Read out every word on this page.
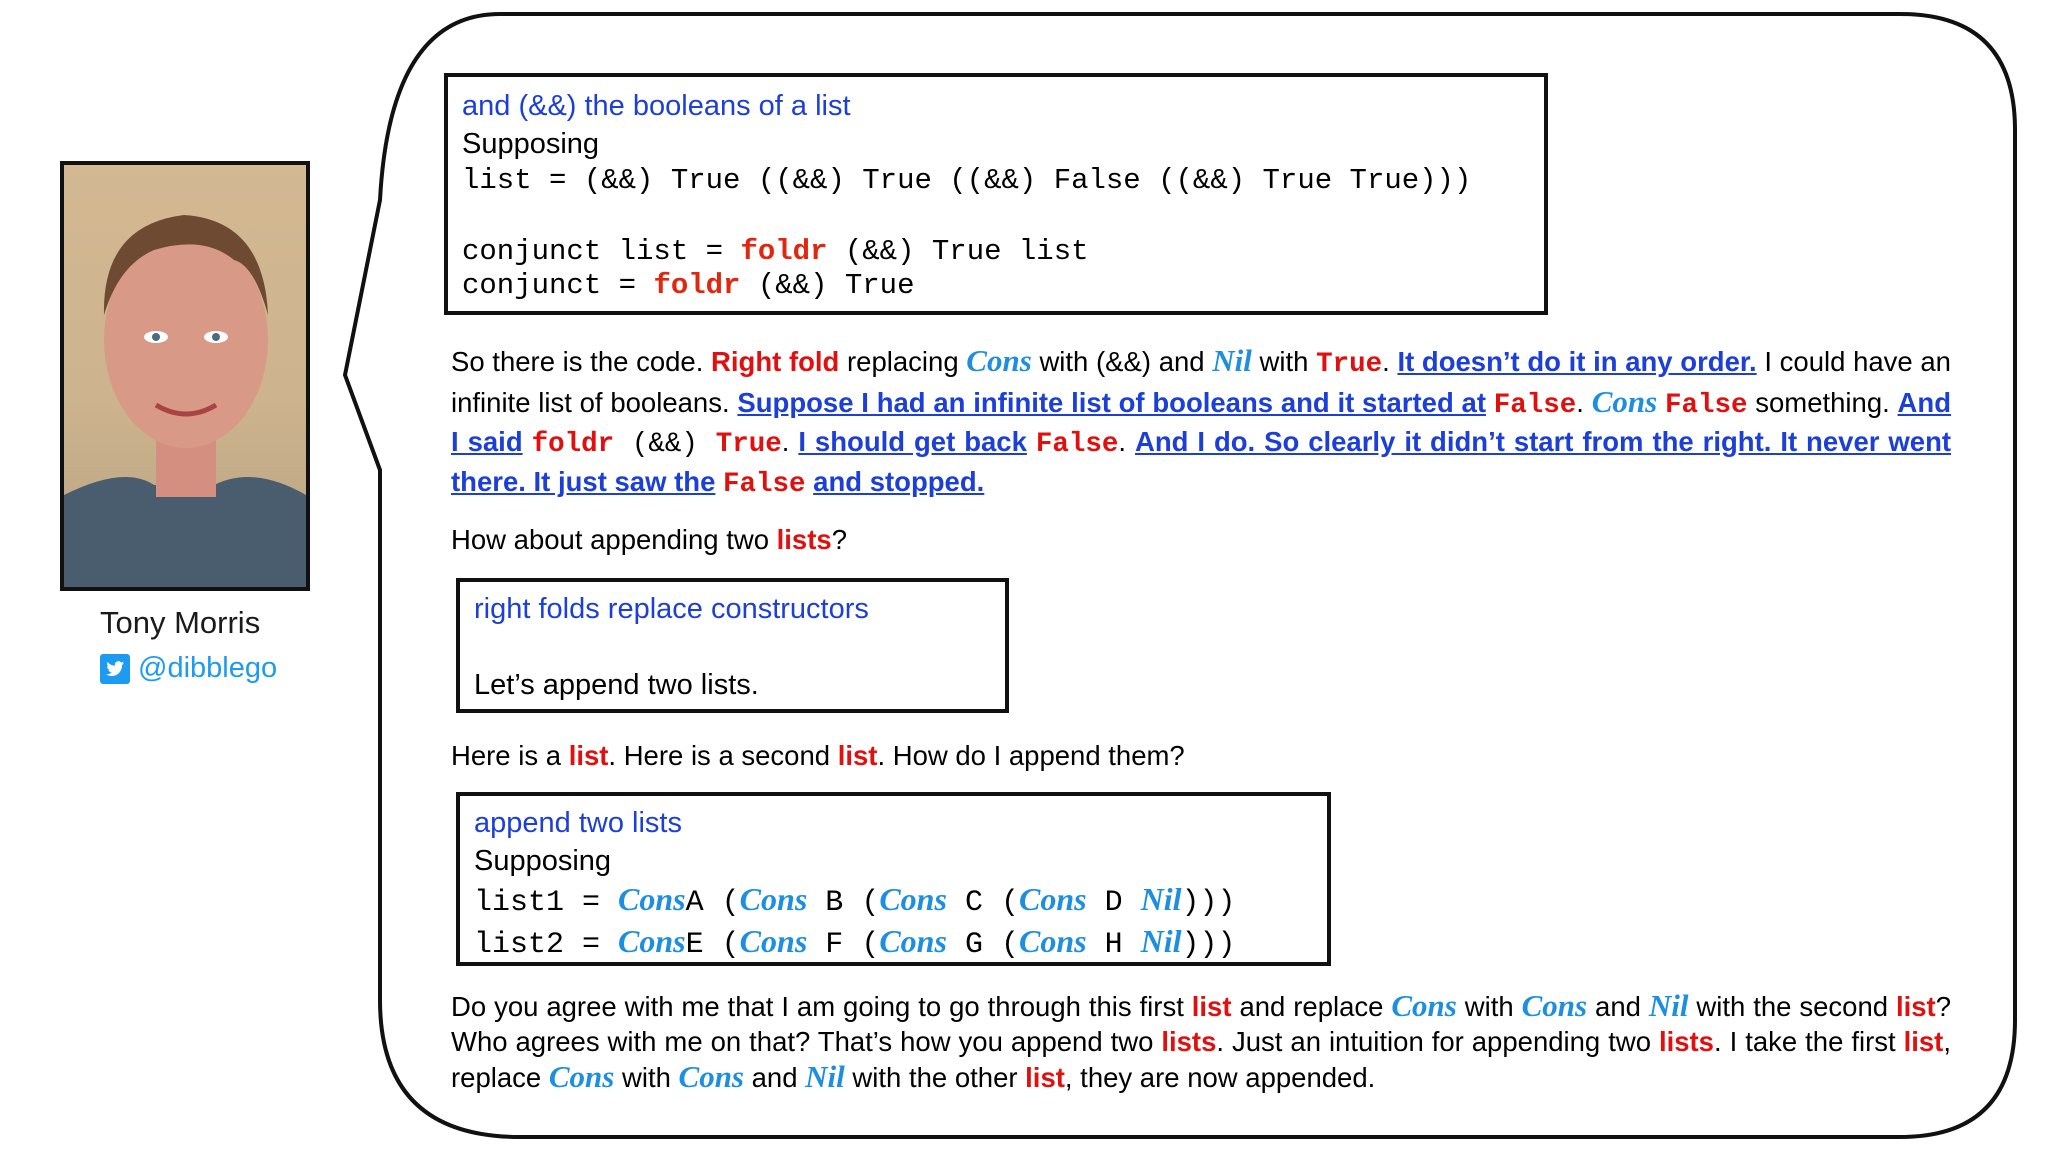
Tony Morris
@dibblego
and (&&) the booleans of a list
Supposing
list = (&&) True ((&&) True ((&&) False ((&&) True True)))
conjunct list = foldr (&&) True list
conjunct = foldr (&&) True
So there is the code. Right fold replacing Cons with (&&) and Nil with True. It doesn’t do it in any order. I could have an infinite list of booleans. Suppose I had an infinite list of booleans and it started at False. Cons False something. And I said foldr (&&) True. I should get back False. And I do. So clearly it didn’t start from the right. It never went there. It just saw the False and stopped.
How about appending two lists?
right folds replace constructors
Let’s append two lists.
Here is a list. Here is a second list. How do I append them?
append two lists
Supposing
list1 = ConsA (Cons B (Cons C (Cons D Nil)))
list2 = ConsE (Cons F (Cons G (Cons H Nil)))
Do you agree with me that I am going to go through this first list and replace Cons with Cons and Nil with the second list? Who agrees with me on that? That’s how you append two lists. Just an intuition for appending two lists. I take the first list, replace Cons with Cons and Nil with the other list, they are now appended.
